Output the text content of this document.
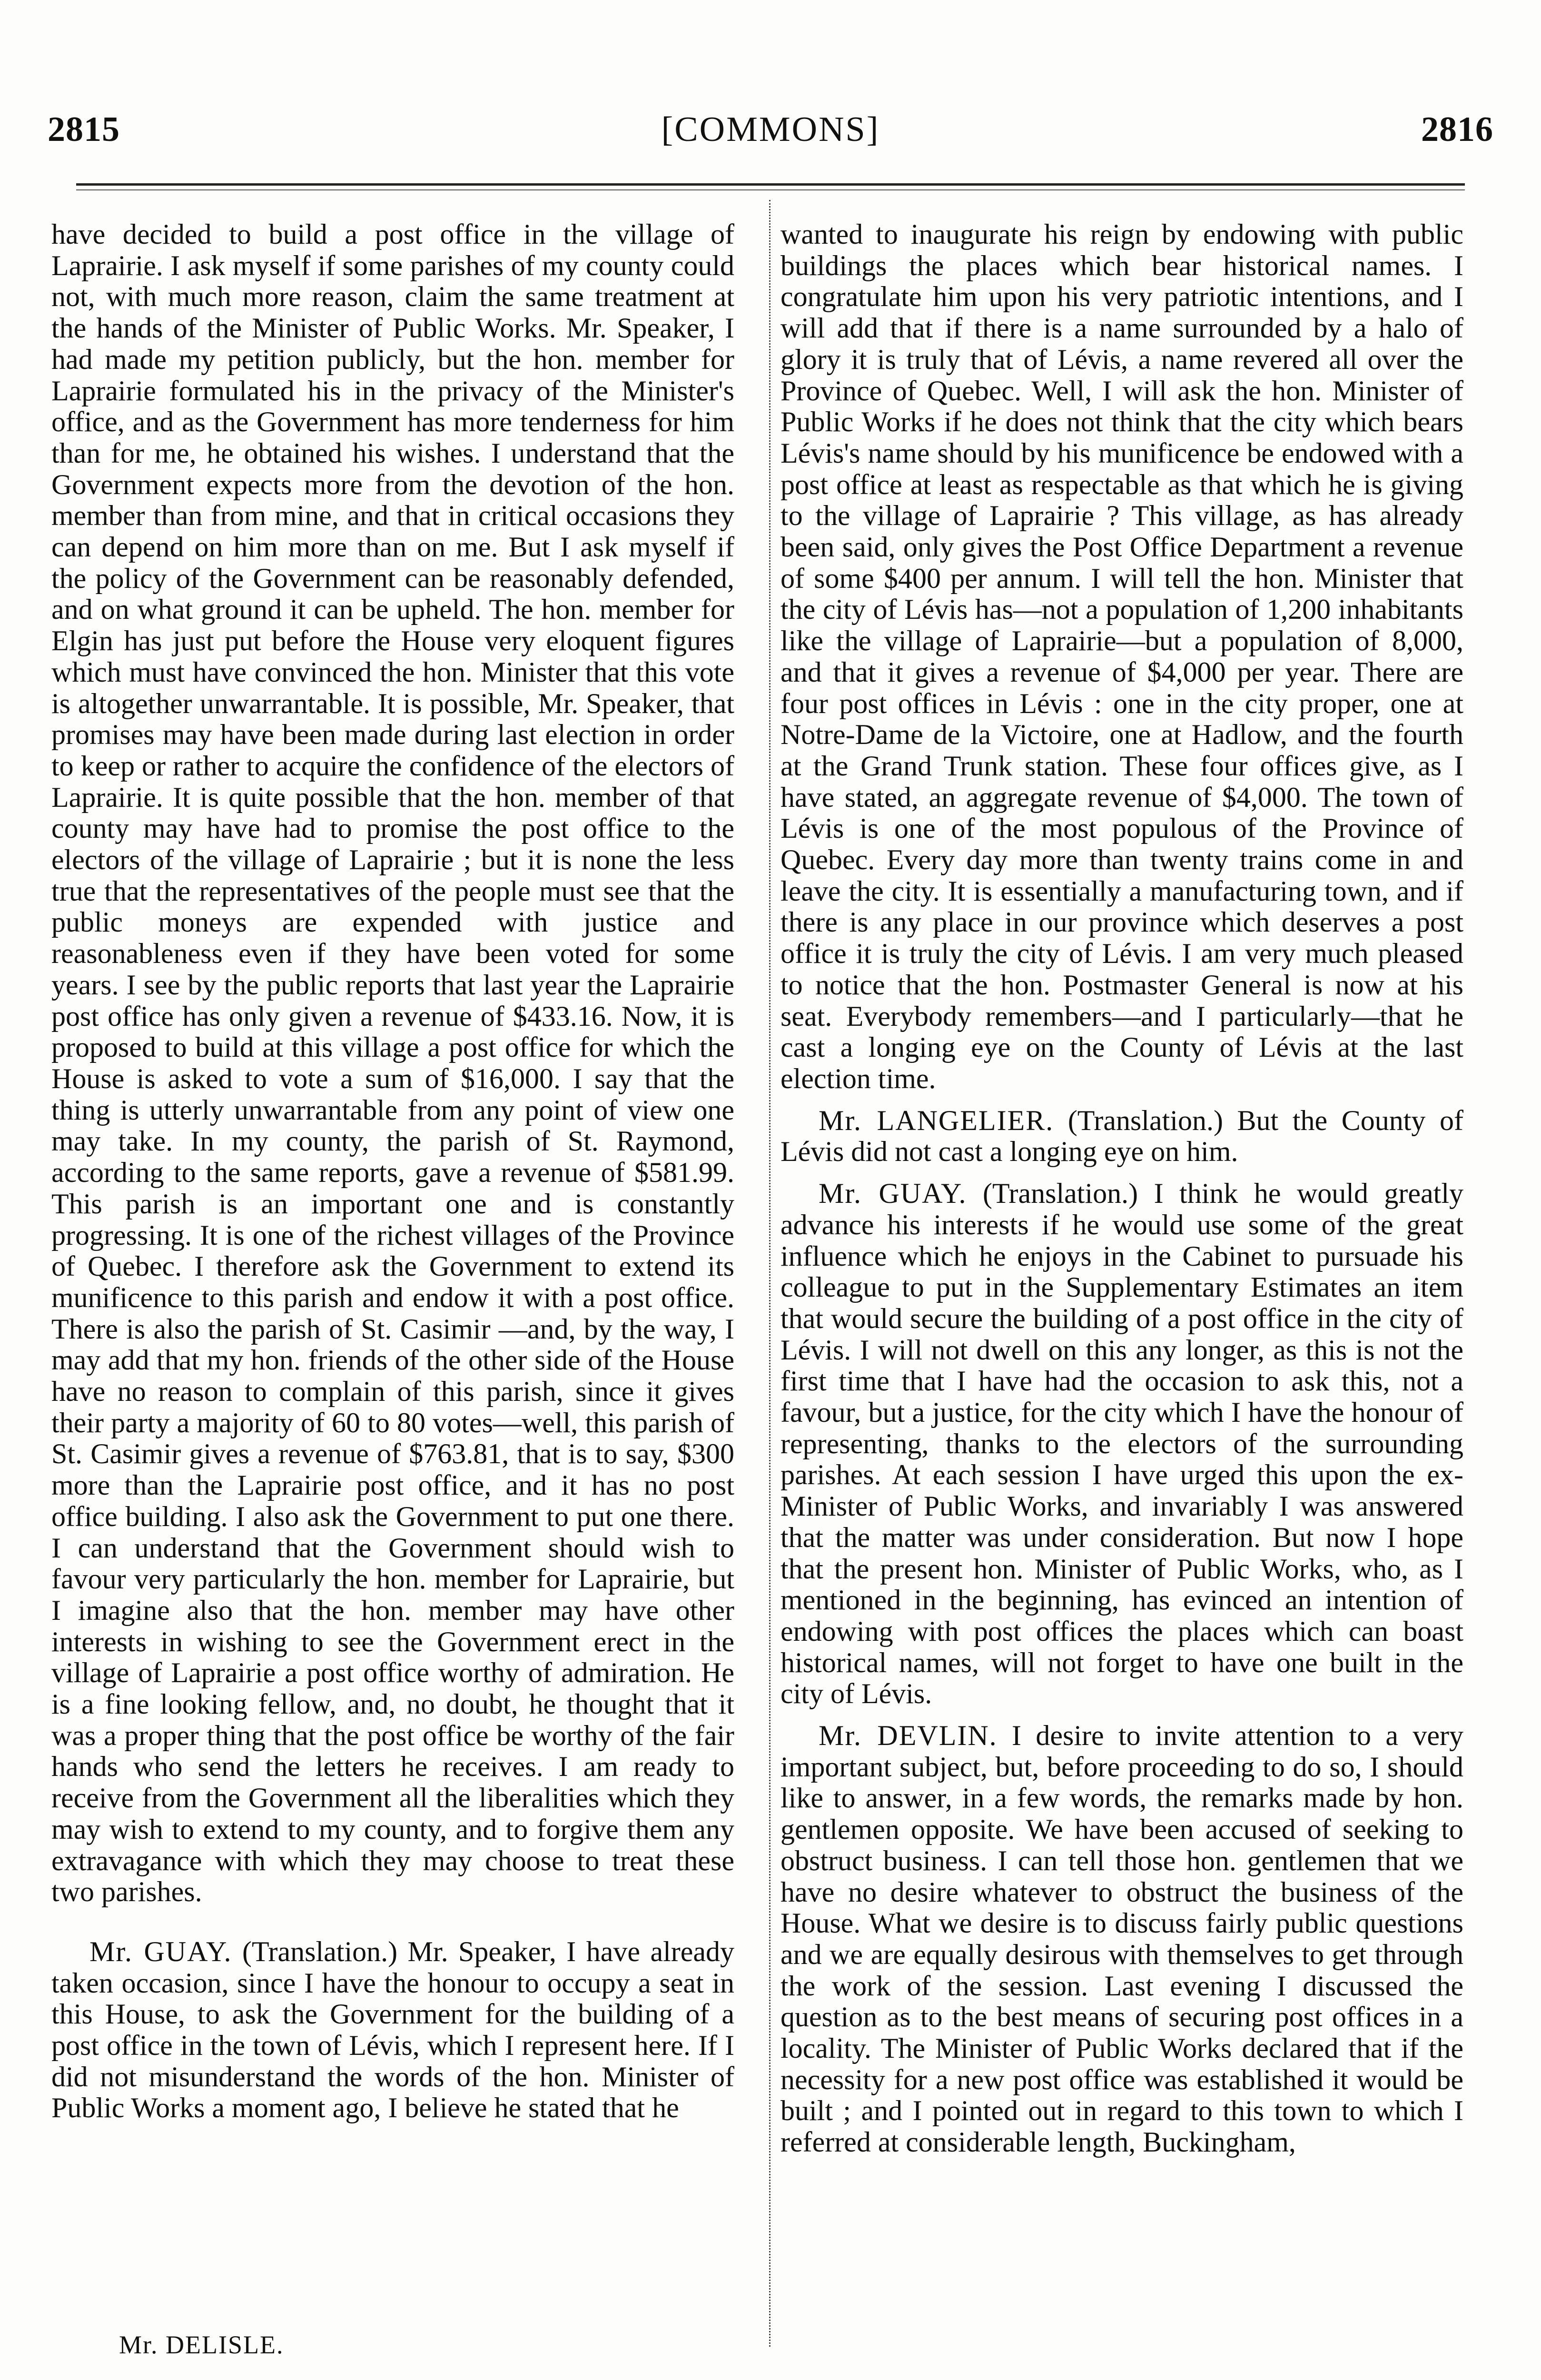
2815	[COMMONS]	2816

have decided to build a post office in the village of Laprairie. I ask myself if some parishes of my county could not, with much more reason, claim the same treatment at the hands of the Minister of Public Works. Mr. Speaker, I had made my petition publicly, but the hon. member for Laprairie formulated his in the privacy of the Minister's office, and as the Government has more tenderness for him than for me, he obtained his wishes. I understand that the Government expects more from the devotion of the hon. member than from mine, and that in critical occasions they can depend on him more than on me. But I ask myself if the policy of the Government can be reasonably defended, and on what ground it can be upheld. The hon. member for Elgin has just put before the House very eloquent figures which must have convinced the hon. Minister that this vote is altogether unwarrantable. It is possible, Mr. Speaker, that promises may have been made during last election in order to keep or rather to acquire the confidence of the electors of Laprairie. It is quite possible that the hon. member of that county may have had to promise the post office to the electors of the village of Laprairie ; but it is none the less true that the representatives of the people must see that the public moneys are expended with justice and reasonableness even if they have been voted for some years. I see by the public reports that last year the Laprairie post office has only given a revenue of $433.16. Now, it is proposed to build at this village a post office for which the House is asked to vote a sum of $16,000. I say that the thing is utterly unwarrantable from any point of view one may take. In my county, the parish of St. Raymond, according to the same reports, gave a revenue of $581.99. This parish is an important one and is constantly progressing. It is one of the richest villages of the Province of Quebec. I therefore ask the Government to extend its munificence to this parish and endow it with a post office. There is also the parish of St. Casimir —and, by the way, I may add that my hon. friends of the other side of the House have no reason to complain of this parish, since it gives their party a majority of 60 to 80 votes—well, this parish of St. Casimir gives a revenue of $763.81, that is to say, $300 more than the Laprairie post office, and it has no post office building. I also ask the Government to put one there. I can understand that the Government should wish to favour very particularly the hon. member for Laprairie, but I imagine also that the hon. member may have other interests in wishing to see the Government erect in the village of Laprairie a post office worthy of admiration. He is a fine looking fellow, and, no doubt, he thought that it was a proper thing that the post office be worthy of the fair hands who send the letters he receives. I am ready to receive from the Government all the liberalities which they may wish to extend to my county, and to forgive them any extravagance with which they may choose to treat these two parishes.

Mr. GUAY. (Translation.) Mr. Speaker, I have already taken occasion, since I have the honour to occupy a seat in this House, to ask the Government for the building of a post office in the town of Lévis, which I represent here. If I did not misunderstand the words of the hon. Minister of Public Works a moment ago, I believe he stated that he

wanted to inaugurate his reign by endowing with public buildings the places which bear historical names. I congratulate him upon his very patriotic intentions, and I will add that if there is a name surrounded by a halo of glory it is truly that of Lévis, a name revered all over the Province of Quebec. Well, I will ask the hon. Minister of Public Works if he does not think that the city which bears Lévis's name should by his munificence be endowed with a post office at least as respectable as that which he is giving to the village of Laprairie ? This village, as has already been said, only gives the Post Office Department a revenue of some $400 per annum. I will tell the hon. Minister that the city of Lévis has—not a population of 1,200 inhabitants like the village of Laprairie—but a population of 8,000, and that it gives a revenue of $4,000 per year. There are four post offices in Lévis : one in the city proper, one at Notre-Dame de la Victoire, one at Hadlow, and the fourth at the Grand Trunk station. These four offices give, as I have stated, an aggregate revenue of $4,000. The town of Lévis is one of the most populous of the Province of Quebec. Every day more than twenty trains come in and leave the city. It is essentially a manufacturing town, and if there is any place in our province which deserves a post office it is truly the city of Lévis. I am very much pleased to notice that the hon. Postmaster General is now at his seat. Everybody remembers—and I particularly—that he cast a longing eye on the County of Lévis at the last election time.

Mr. LANGELIER. (Translation.) But the County of Lévis did not cast a longing eye on him.

Mr. GUAY. (Translation.) I think he would greatly advance his interests if he would use some of the great influence which he enjoys in the Cabinet to pursuade his colleague to put in the Supplementary Estimates an item that would secure the building of a post office in the city of Lévis. I will not dwell on this any longer, as this is not the first time that I have had the occasion to ask this, not a favour, but a justice, for the city which I have the honour of representing, thanks to the electors of the surrounding parishes. At each session I have urged this upon the ex-Minister of Public Works, and invariably I was answered that the matter was under consideration. But now I hope that the present hon. Minister of Public Works, who, as I mentioned in the beginning, has evinced an intention of endowing with post offices the places which can boast historical names, will not forget to have one built in the city of Lévis.

Mr. DEVLIN. I desire to invite attention to a very important subject, but, before proceeding to do so, I should like to answer, in a few words, the remarks made by hon. gentlemen opposite. We have been accused of seeking to obstruct business. I can tell those hon. gentlemen that we have no desire whatever to obstruct the business of the House. What we desire is to discuss fairly public questions and we are equally desirous with themselves to get through the work of the session. Last evening I discussed the question as to the best means of securing post offices in a locality. The Minister of Public Works declared that if the necessity for a new post office was established it would be built ; and I pointed out in regard to this town to which I referred at considerable length, Buckingham,

Mr. DELISLE.
